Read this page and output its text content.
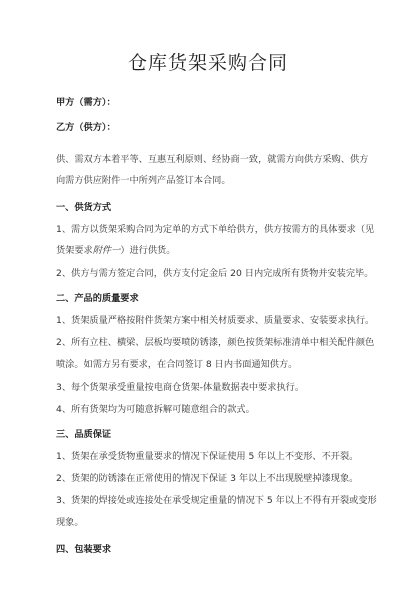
仓库货架采购合同
甲方（需方）：
乙方（供方）：
供、需双方本着平等、互惠互利原则、经协商一致，就需方向供方采购、供方
向需方供应附件一中所列产品签订本合同。
一、供货方式
1、需方以货架采购合同为定单的方式下单给供方，供方按需方的具体要求（见
货架要求附件一）进行供货。
2、供方与需方签定合同，供方支付定金后 20 日内完成所有货物并安装完毕。
二、产品的质量要求
1、货架质量严格按附件货架方案中相关材质要求、质量要求、安装要求执行。
2、所有立柱、横梁、层板均要喷防锈漆，颜色按货架标准清单中相关配件颜色
喷涂。如需方另有要求，在合同签订 8 日内书面通知供方。
3、每个货架承受重量按电商仓货架-体量数据表中要求执行。
4、所有货架均为可随意拆解可随意组合的款式。
三、品质保证
1、货架在承受货物重量要求的情况下保证使用 5 年以上不变形、不开裂。
2、货架的防锈漆在正常使用的情况下保证 3 年以上不出现脱壁掉漆现象。
3、货架的焊接处或连接处在承受规定重量的情况下 5 年以上不得有开裂或变形
现象。
四、包装要求
